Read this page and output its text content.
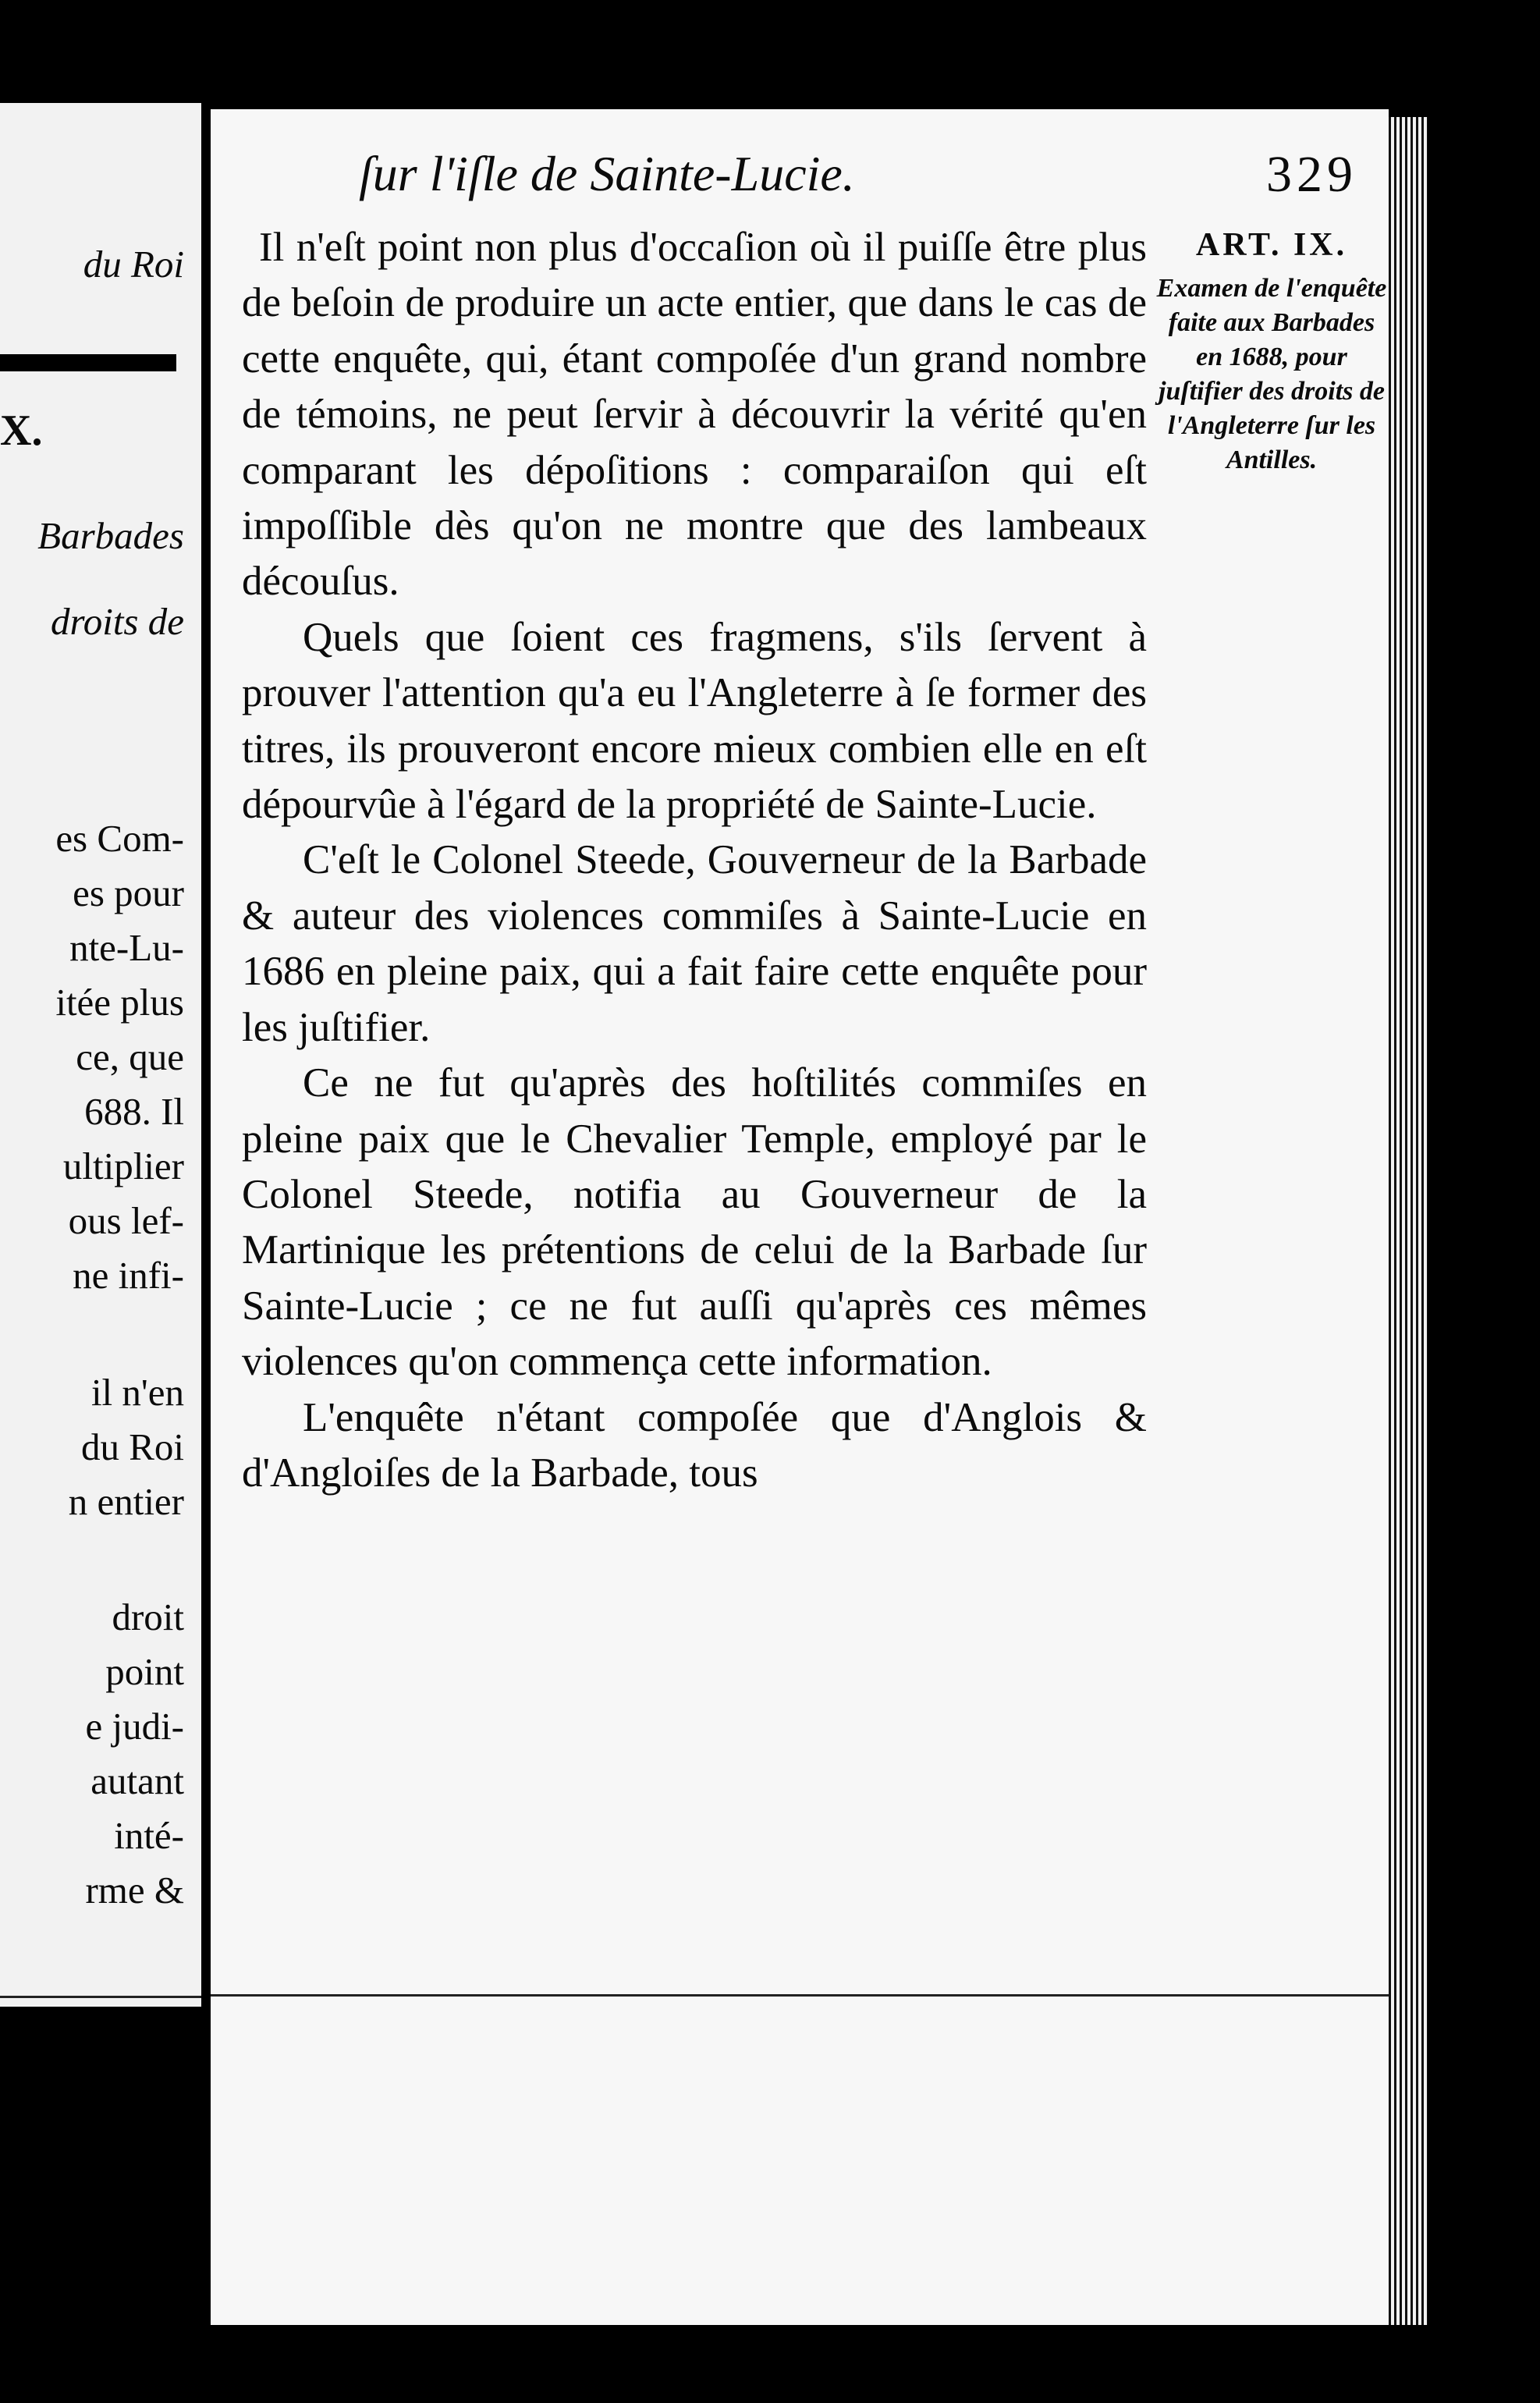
du Roi
X.
Barbades
droits de
es Com-
es pour
nte-Lu-
itée plus
ce, que
688. Il
ultiplier
ous lef-
ne infi-
il n'en
du Roi
n entier
droit
point
e judi-
autant
inté-
rme &
ſur l'iſle de Sainte-Lucie.	329

Il n'eſt point non plus d'occaſion où il puiſſe être plus de beſoin de produire un acte entier, que dans le cas de cette enquête, qui, étant compoſée d'un grand nombre de témoins, ne peut ſervir à découvrir la vérité qu'en comparant les dépoſitions : comparaiſon qui eſt impoſſible dès qu'on ne montre que des lambeaux découſus.

Quels que ſoient ces fragmens, s'ils ſervent à prouver l'attention qu'a eu l'Angleterre à ſe former des titres, ils prouveront encore mieux combien elle en eſt dépourvûe à l'égard de la propriété de Sainte-Lucie.

C'eſt le Colonel Steede, Gouverneur de la Barbade & auteur des violences commiſes à Sainte-Lucie en 1686 en pleine paix, qui a fait faire cette enquête pour les juſtifier.

Ce ne fut qu'après des hoſtilités commiſes en pleine paix que le Chevalier Temple, employé par le Colonel Steede, notifia au Gouverneur de la Martinique les prétentions de celui de la Barbade ſur Sainte-Lucie ; ce ne fut auſſi qu'après ces mêmes violences qu'on commença cette information.

L'enquête n'étant compoſée que d'Anglois & d'Angloiſes de la Barbade, tous

ART. IX.
Examen de l'enquête faite aux Barbades en 1688, pour juſtifier des droits de l'Angleterre ſur les Antilles.
